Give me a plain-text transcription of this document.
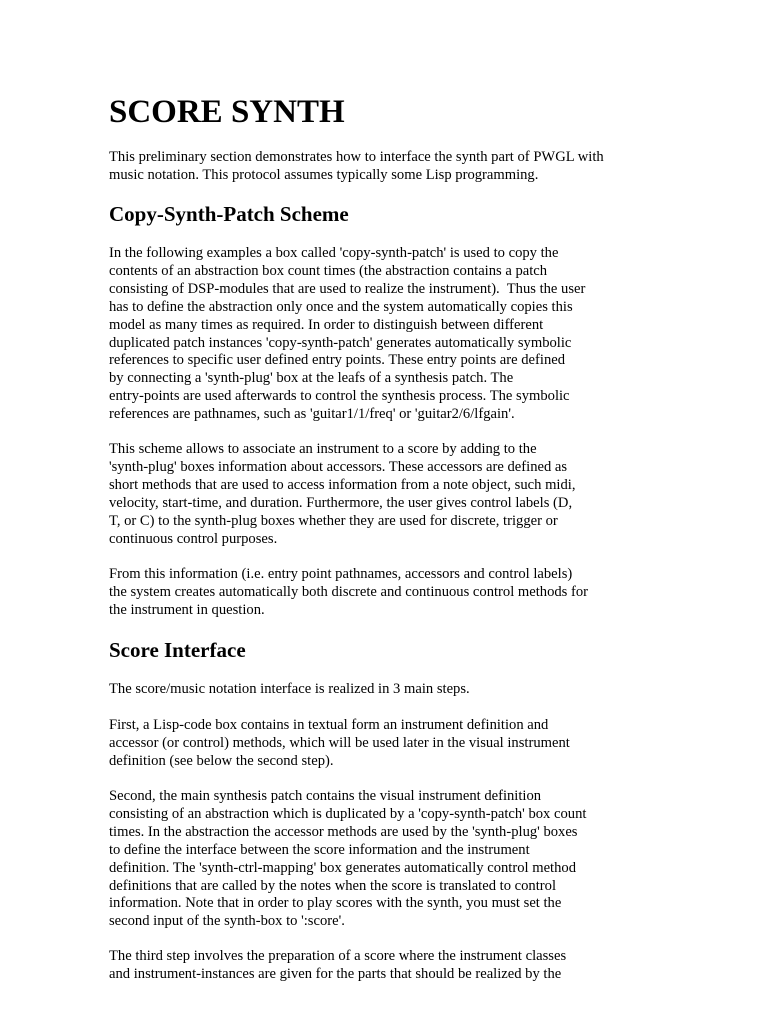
SCORE SYNTH

This preliminary section demonstrates how to interface the synth part of PWGL with
music notation. This protocol assumes typically some Lisp programming.

Copy-Synth-Patch Scheme

In the following examples a box called 'copy-synth-patch' is used to copy the
contents of an abstraction box count times (the abstraction contains a patch
consisting of DSP-modules that are used to realize the instrument).  Thus the user
has to define the abstraction only once and the system automatically copies this
model as many times as required. In order to distinguish between different
duplicated patch instances 'copy-synth-patch' generates automatically symbolic
references to specific user defined entry points. These entry points are defined
by connecting a 'synth-plug' box at the leafs of a synthesis patch. The
entry-points are used afterwards to control the synthesis process. The symbolic
references are pathnames, such as 'guitar1/1/freq' or 'guitar2/6/lfgain'.

This scheme allows to associate an instrument to a score by adding to the
'synth-plug' boxes information about accessors. These accessors are defined as
short methods that are used to access information from a note object, such midi,
velocity, start-time, and duration. Furthermore, the user gives control labels (D,
T, or C) to the synth-plug boxes whether they are used for discrete, trigger or
continuous control purposes.

From this information (i.e. entry point pathnames, accessors and control labels)
the system creates automatically both discrete and continuous control methods for
the instrument in question.

Score Interface

The score/music notation interface is realized in 3 main steps.

First, a Lisp-code box contains in textual form an instrument definition and
accessor (or control) methods, which will be used later in the visual instrument
definition (see below the second step).

Second, the main synthesis patch contains the visual instrument definition
consisting of an abstraction which is duplicated by a 'copy-synth-patch' box count
times. In the abstraction the accessor methods are used by the 'synth-plug' boxes
to define the interface between the score information and the instrument
definition. The 'synth-ctrl-mapping' box generates automatically control method
definitions that are called by the notes when the score is translated to control
information. Note that in order to play scores with the synth, you must set the
second input of the synth-box to ':score'.

The third step involves the preparation of a score where the instrument classes
and instrument-instances are given for the parts that should be realized by the
